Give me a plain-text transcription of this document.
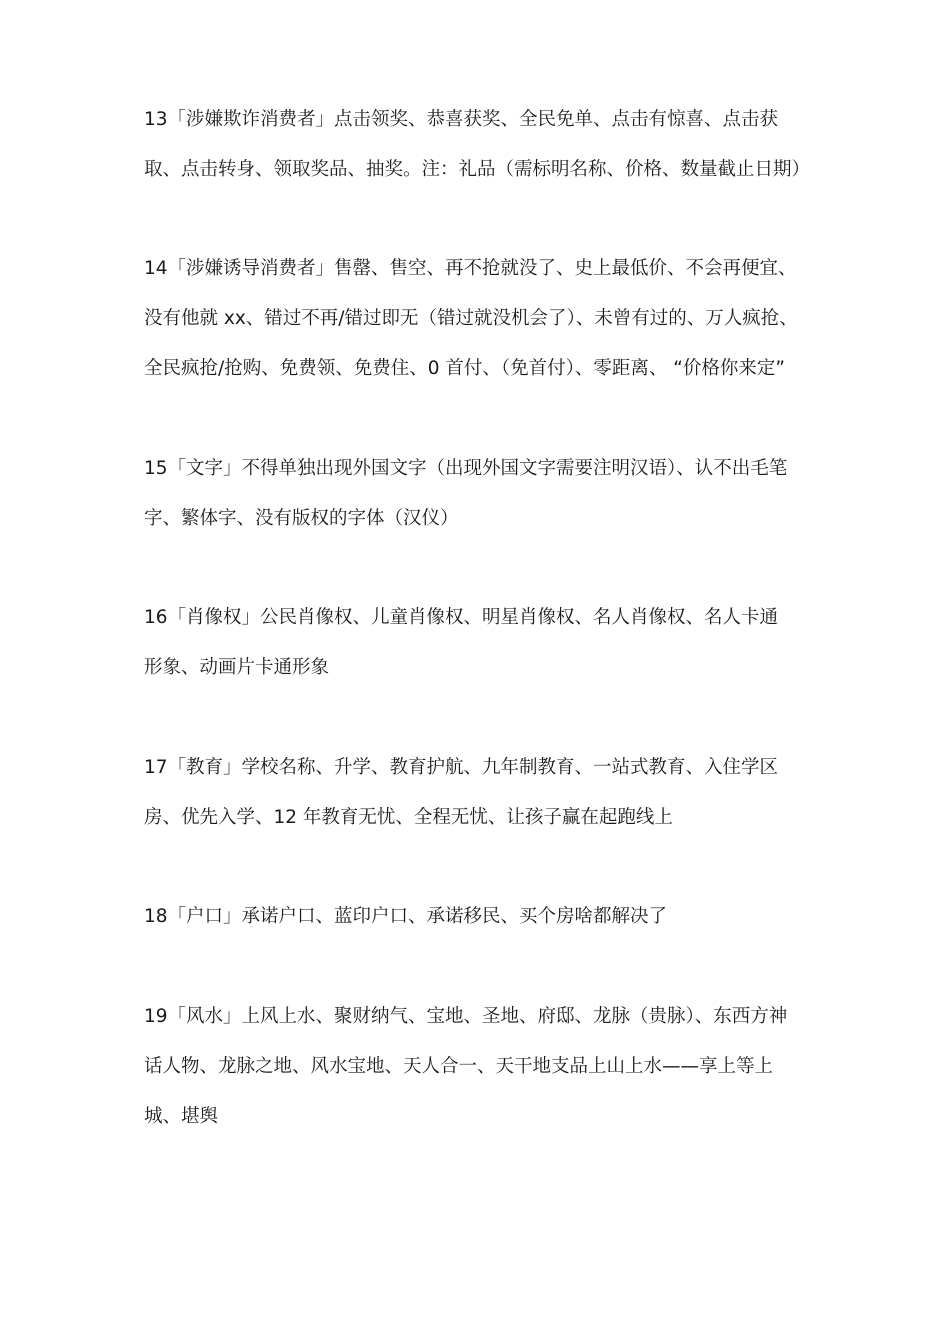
13「涉嫌欺诈消费者」点击领奖、恭喜获奖、全民免单、点击有惊喜、点击获
取、点击转身、领取奖品、抽奖。注：礼品（需标明名称、价格、数量截止日期）
14「涉嫌诱导消费者」售罄、售空、再不抢就没了、史上最低价、不会再便宜、
没有他就 xx、错过不再/错过即无（错过就没机会了）、未曾有过的、万人疯抢、
全民疯抢/抢购、免费领、免费住、0 首付、（免首付）、零距离、 “价格你来定”
15「文字」不得单独出现外国文字（出现外国文字需要注明汉语）、认不出毛笔
字、繁体字、没有版权的字体（汉仪）
16「肖像权」公民肖像权、儿童肖像权、明星肖像权、名人肖像权、名人卡通
形象、动画片卡通形象
17「教育」学校名称、升学、教育护航、九年制教育、一站式教育、入住学区
房、优先入学、12 年教育无忧、全程无忧、让孩子赢在起跑线上
18「户口」承诺户口、蓝印户口、承诺移民、买个房啥都解决了
19「风水」上风上水、聚财纳气、宝地、圣地、府邸、龙脉（贵脉）、东西方神
话人物、龙脉之地、风水宝地、天人合一、天干地支品上山上水——享上等上
城、堪舆
